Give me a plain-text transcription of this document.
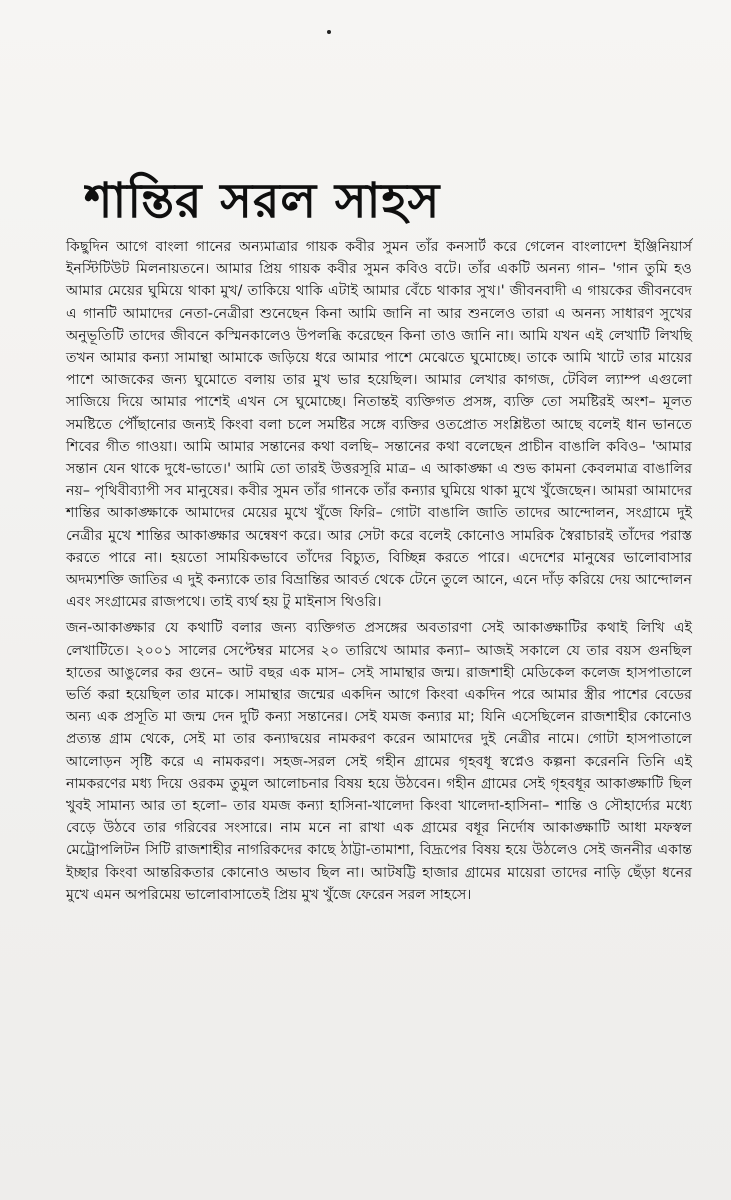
শান্তির সরল সাহস

কিছুদিন আগে বাংলা গানের অন্যমাত্রার গায়ক কবীর সুমন তাঁর কনসার্ট করে গেলেন বাংলাদেশ ইঞ্জিনিয়ার্স ইনস্টিটিউট মিলনায়তনে। আমার প্রিয় গায়ক কবীর সুমন কবিও বটে। তাঁর একটি অনন্য গান– 'গান তুমি হও আমার মেয়ের ঘুমিয়ে থাকা মুখ/ তাকিয়ে থাকি এটাই আমার বেঁচে থাকার সুখ।' জীবনবাদী এ গায়কের জীবনবেদ এ গানটি আমাদের নেতা-নেত্রীরা শুনেছেন কিনা আমি জানি না আর শুনলেও তারা এ অনন্য সাধারণ সুখের অনুভূতিটি তাদের জীবনে কস্মিনকালেও উপলব্ধি করেছেন কিনা তাও জানি না। আমি যখন এই লেখাটি লিখছি তখন আমার কন্যা সামান্থা আমাকে জড়িয়ে ধরে আমার পাশে মেঝেতে ঘুমোচ্ছে। তাকে আমি খাটে তার মায়ের পাশে আজকের জন্য ঘুমোতে বলায় তার মুখ ভার হয়েছিল। আমার লেখার কাগজ, টেবিল ল্যাম্প এগুলো সাজিয়ে দিয়ে আমার পাশেই এখন সে ঘুমোচ্ছে। নিতান্তই ব্যক্তিগত প্রসঙ্গ, ব্যক্তি তো সমষ্টিরই অংশ– মূলত সমষ্টিতে পৌঁছানোর জন্যই কিংবা বলা চলে সমষ্টির সঙ্গে ব্যক্তির ওতপ্রোত সংশ্লিষ্টতা আছে বলেই ধান ভানতে শিবের গীত গাওয়া। আমি আমার সন্তানের কথা বলছি– সন্তানের কথা বলেছেন প্রাচীন বাঙালি কবিও– 'আমার সন্তান যেন থাকে দুধে-ভাতে।' আমি তো তারই উত্তরসূরি মাত্র– এ আকাঙ্ক্ষা এ শুভ কামনা কেবলমাত্র বাঙালির নয়– পৃথিবীব্যাপী সব মানুষের। কবীর সুমন তাঁর গানকে তাঁর কন্যার ঘুমিয়ে থাকা মুখে খুঁজেছেন। আমরা আমাদের শান্তির আকাঙ্ক্ষাকে আমাদের মেয়ের মুখে খুঁজে ফিরি– গোটা বাঙালি জাতি তাদের আন্দোলন, সংগ্রামে দুই নেত্রীর মুখে শান্তির আকাঙ্ক্ষার অন্বেষণ করে। আর সেটা করে বলেই কোনোও সামরিক স্বৈরাচারই তাঁদের পরাস্ত করতে পারে না। হয়তো সাময়িকভাবে তাঁদের বিচ্যুত, বিচ্ছিন্ন করতে পারে। এদেশের মানুষের ভালোবাসার অদম্যশক্তি জাতির এ দুই কন্যাকে তার বিভ্রান্তির আবর্ত থেকে টেনে তুলে আনে, এনে দাঁড় করিয়ে দেয় আন্দোলন এবং সংগ্রামের রাজপথে। তাই ব্যর্থ হয় টু মাইনাস থিওরি।

জন-আকাঙ্ক্ষার যে কথাটি বলার জন্য ব্যক্তিগত প্রসঙ্গের অবতারণা সেই আকাঙ্ক্ষাটির কথাই লিখি এই লেখাটিতে। ২০০১ সালের সেপ্টেম্বর মাসের ২০ তারিখে আমার কন্যা– আজই সকালে যে তার বয়স গুনছিল হাতের আঙুলের কর গুনে– আট বছর এক মাস– সেই সামান্থার জন্ম। রাজশাহী মেডিকেল কলেজ হাসপাতালে ভর্তি করা হয়েছিল তার মাকে। সামান্থার জন্মের একদিন আগে কিংবা একদিন পরে আমার স্ত্রীর পাশের বেডের অন্য এক প্রসূতি মা জন্ম দেন দুটি কন্যা সন্তানের। সেই যমজ কন্যার মা; যিনি এসেছিলেন রাজশাহীর কোনোও প্রত্যন্ত গ্রাম থেকে, সেই মা তার কন্যাদ্বয়ের নামকরণ করেন আমাদের দুই নেত্রীর নামে। গোটা হাসপাতালে আলোড়ন সৃষ্টি করে এ নামকরণ। সহজ-সরল সেই গহীন গ্রামের গৃহবধূ স্বপ্নেও কল্পনা করেননি তিনি এই নামকরণের মধ্য দিয়ে ওরকম তুমুল আলোচনার বিষয় হয়ে উঠবেন। গহীন গ্রামের সেই গৃহবধূর আকাঙ্ক্ষাটি ছিল খুবই সামান্য আর তা হলো– তার যমজ কন্যা হাসিনা-খালেদা কিংবা খালেদা-হাসিনা– শান্তি ও সৌহার্দ্যের মধ্যে বেড়ে উঠবে তার গরিবের সংসারে। নাম মনে না রাখা এক গ্রামের বধূর নির্দোষ আকাঙ্ক্ষাটি আধা মফস্বল মেট্রোপলিটন সিটি রাজশাহীর নাগরিকদের কাছে ঠাট্টা-তামাশা, বিদ্রূপের বিষয় হয়ে উঠলেও সেই জননীর একান্ত ইচ্ছার কিংবা আন্তরিকতার কোনোও অভাব ছিল না। আটষট্টি হাজার গ্রামের মায়েরা তাদের নাড়ি ছেঁড়া ধনের মুখে এমন অপরিমেয় ভালোবাসাতেই প্রিয় মুখ খুঁজে ফেরেন সরল সাহসে।
